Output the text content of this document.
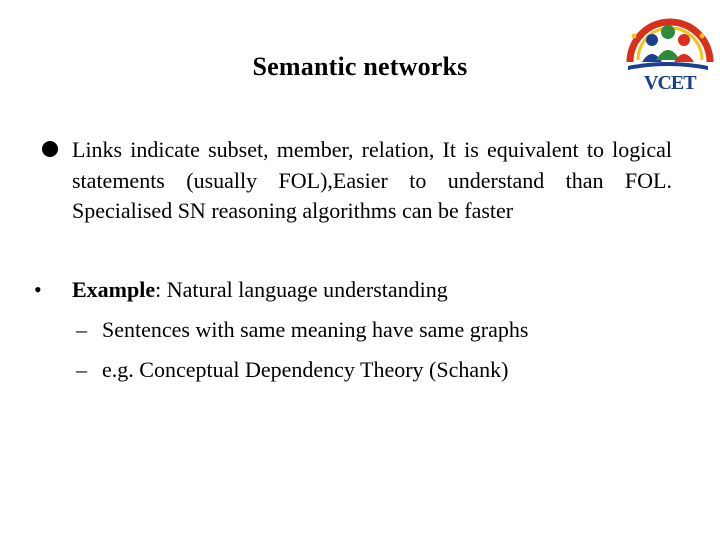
Semantic networks
VCET
Links indicate subset, member, relation, It is equivalent to logical statements (usually FOL),Easier to understand than FOL. Specialised SN reasoning algorithms can be faster
• Example: Natural language understanding
– Sentences with same meaning have same graphs
– e.g. Conceptual Dependency Theory (Schank)
